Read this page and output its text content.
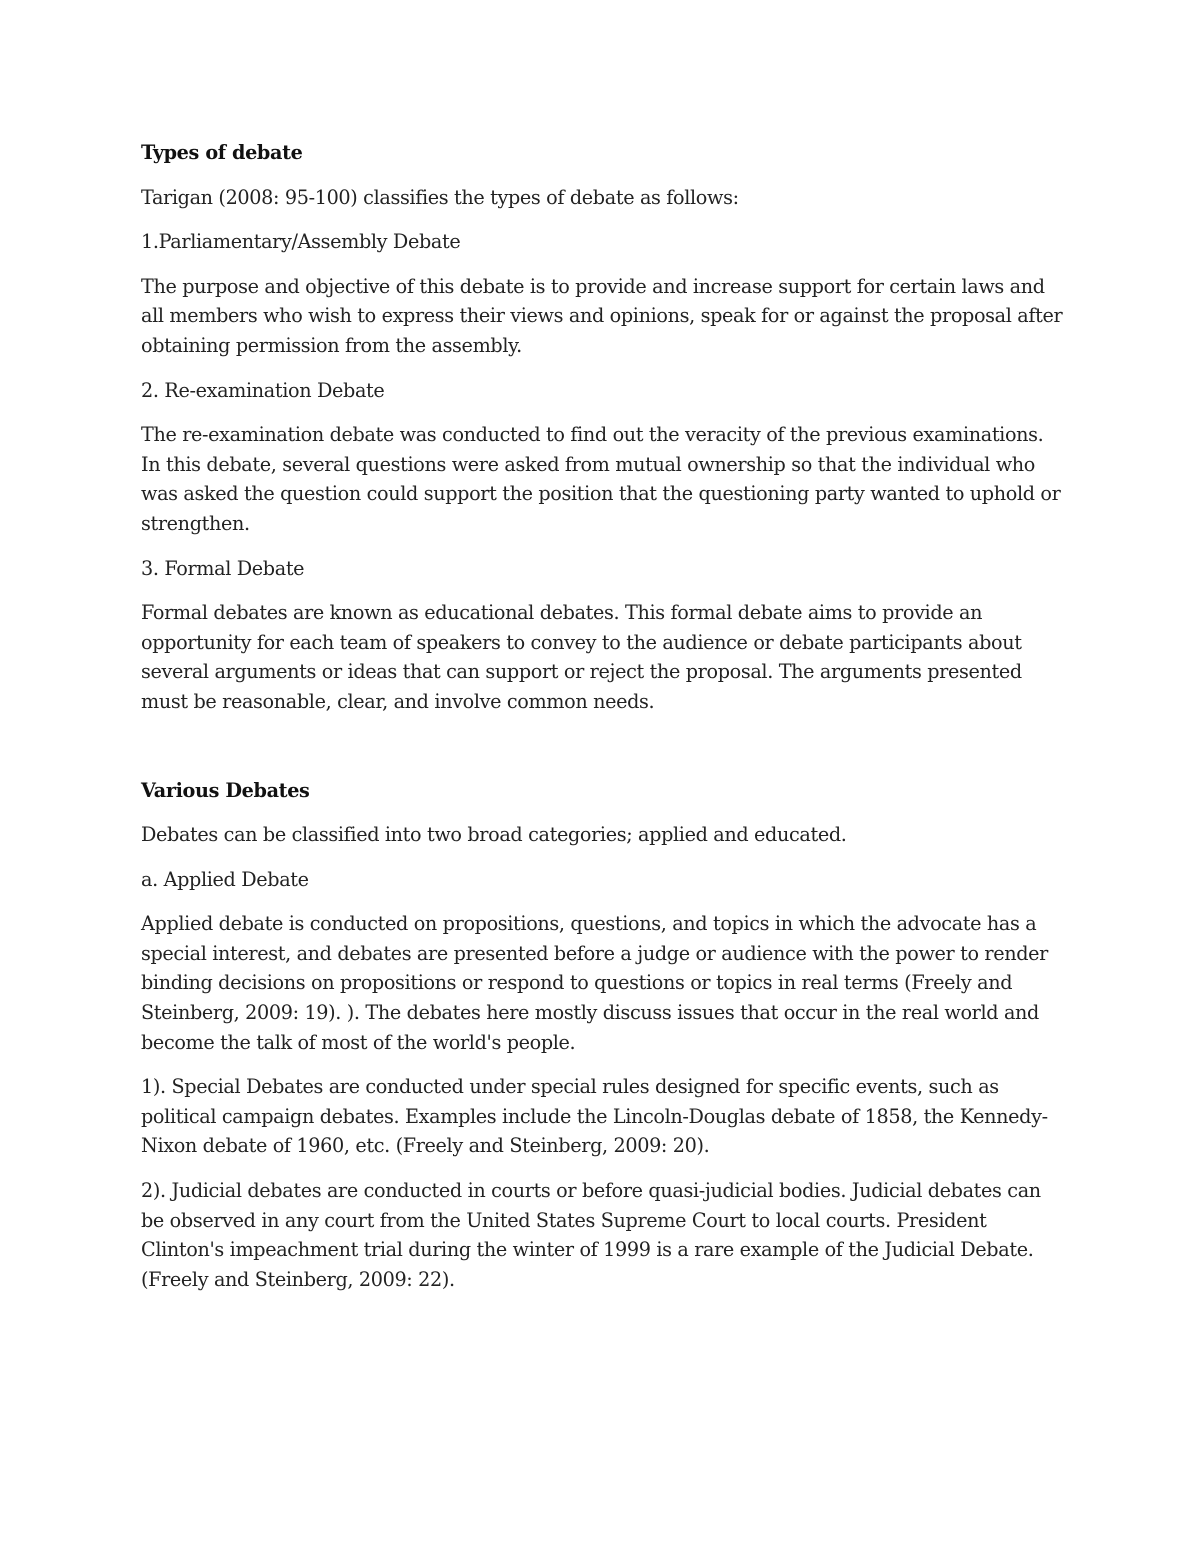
Types of debate

Tarigan (2008: 95-100) classifies the types of debate as follows:

1.Parliamentary/Assembly Debate

The purpose and objective of this debate is to provide and increase support for certain laws and all members who wish to express their views and opinions, speak for or against the proposal after obtaining permission from the assembly.

2. Re-examination Debate

The re-examination debate was conducted to find out the veracity of the previous examinations. In this debate, several questions were asked from mutual ownership so that the individual who was asked the question could support the position that the questioning party wanted to uphold or strengthen.

3. Formal Debate

Formal debates are known as educational debates. This formal debate aims to provide an opportunity for each team of speakers to convey to the audience or debate participants about several arguments or ideas that can support or reject the proposal. The arguments presented must be reasonable, clear, and involve common needs.

Various Debates

Debates can be classified into two broad categories; applied and educated.

a. Applied Debate

Applied debate is conducted on propositions, questions, and topics in which the advocate has a special interest, and debates are presented before a judge or audience with the power to render binding decisions on propositions or respond to questions or topics in real terms (Freely and Steinberg, 2009: 19). ). The debates here mostly discuss issues that occur in the real world and become the talk of most of the world's people.

1). Special Debates are conducted under special rules designed for specific events, such as political campaign debates. Examples include the Lincoln-Douglas debate of 1858, the Kennedy-Nixon debate of 1960, etc. (Freely and Steinberg, 2009: 20).

2). Judicial debates are conducted in courts or before quasi-judicial bodies. Judicial debates can be observed in any court from the United States Supreme Court to local courts. President Clinton's impeachment trial during the winter of 1999 is a rare example of the Judicial Debate. (Freely and Steinberg, 2009: 22).
